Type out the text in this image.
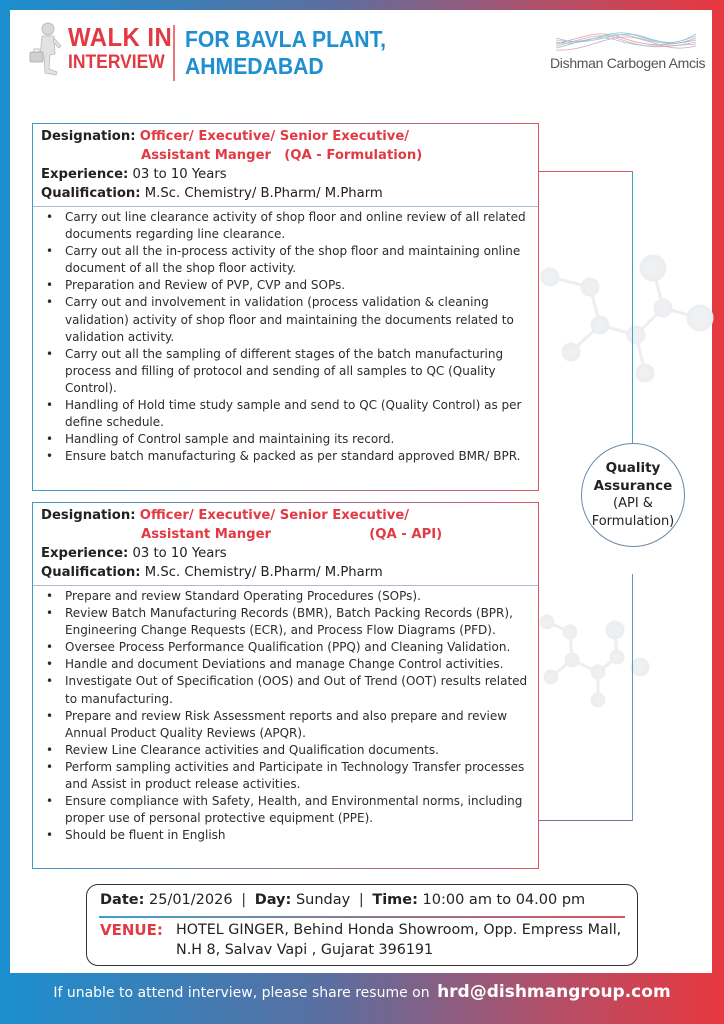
WALK IN
INTERVIEW
FOR BAVLA PLANT,
AHMEDABAD	Dishman Carbogen Amcis
Quality
Assurance
(API &
Formulation)
Designation: Officer/ Executive/ Senior Executive/
Assistant Manger (QA - Formulation)
Experience: 03 to 10 Years
Qualification: M.Sc. Chemistry/ B.Pharm/ M.Pharm
• Carry out line clearance activity of shop floor and online review of all related documents regarding line clearance.
• Carry out all the in-process activity of the shop floor and maintaining online document of all the shop floor activity.
• Preparation and Review of PVP, CVP and SOPs.
• Carry out and involvement in validation (process validation & cleaning validation) activity of shop floor and maintaining the documents related to validation activity.
• Carry out all the sampling of different stages of the batch manufacturing process and filling of protocol and sending of all samples to QC (Quality Control).
• Handling of Hold time study sample and send to QC (Quality Control) as per define schedule.
• Handling of Control sample and maintaining its record.
• Ensure batch manufacturing & packed as per standard approved BMR/ BPR.
Designation: Officer/ Executive/ Senior Executive/
Assistant Manger	(QA - API)
Experience: 03 to 10 Years
Qualification: M.Sc. Chemistry/ B.Pharm/ M.Pharm
• Prepare and review Standard Operating Procedures (SOPs).
• Review Batch Manufacturing Records (BMR), Batch Packing Records (BPR), Engineering Change Requests (ECR), and Process Flow Diagrams (PFD).
• Oversee Process Performance Qualification (PPQ) and Cleaning Validation.
• Handle and document Deviations and manage Change Control activities.
• Investigate Out of Specification (OOS) and Out of Trend (OOT) results related to manufacturing.
• Prepare and review Risk Assessment reports and also prepare and review Annual Product Quality Reviews (APQR).
• Review Line Clearance activities and Qualification documents.
• Perform sampling activities and Participate in Technology Transfer processes and Assist in product release activities.
• Ensure compliance with Safety, Health, and Environmental norms, including proper use of personal protective equipment (PPE).
• Should be fluent in English
Date: 25/01/2026 | Day: Sunday | Time: 10:00 am to 04.00 pm
VENUE: HOTEL GINGER, Behind Honda Showroom, Opp. Empress Mall,
N.H 8, Salvav Vapi , Gujarat 396191
If unable to attend interview, please share resume on hrd@dishmangroup.com
